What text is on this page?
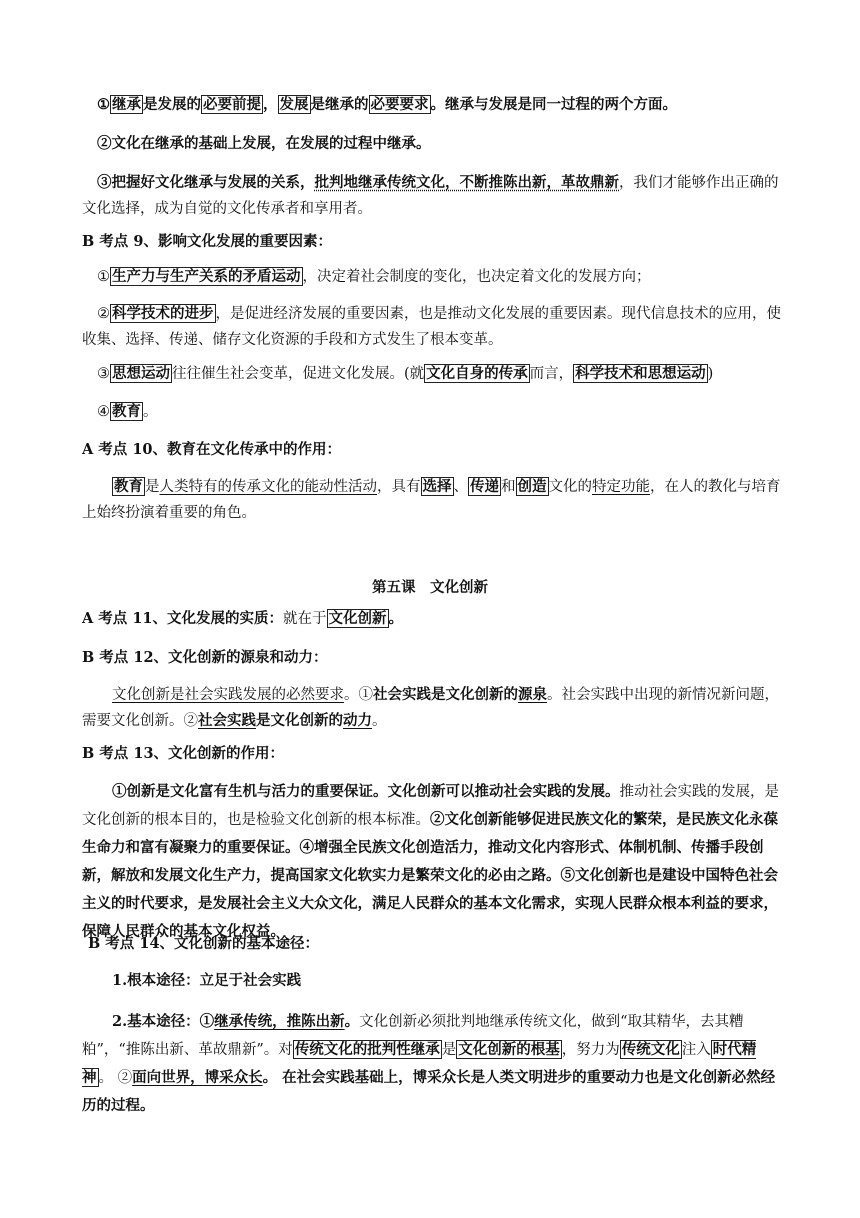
① 继承 是发展的 必要前提 ， 发展 是继承的 必要要求 。继承与发展是同一过程的两个方面。
②文化在继承的基础上发展，在发展的过程中继承。
③把握好文化继承与发展的关系，批判地继承传统文化，不断推陈出新，革故鼎新，我们才能够作出正确的文化选择，成为自觉的文化传承者和享用者。
B 考点 9、影响文化发展的重要因素：
① 生产力与生产关系的矛盾运动 ，决定着社会制度的变化，也决定着文化的发展方向；
② 科学技术的进步 ，是促进经济发展的重要因素，也是推动文化发展的重要因素。现代信息技术的应用，使收集、选择、传递、储存文化资源的手段和方式发生了根本变革。
③ 思想运动 往往催生社会变革，促进文化发展。(就 文化自身的传承 而言， 科学技术和思想运动 )
④ 教育 。
A 考点 10、教育在文化传承中的作用：
教育 是人类特有的传承文化的能动性活动，具有 选择 、 传递 和 创造 文化的特定功能，在人的教化与培育上始终扮演着重要的角色。
第五课　文化创新
A 考点 11、文化发展的实质：就在于 文化创新 。
B 考点 12、文化创新的源泉和动力：
文化创新是社会实践发展的必然要求。①社会实践是文化创新的源泉。社会实践中出现的新情况新问题，需要文化创新。②社会实践是文化创新的动力。
B 考点 13、文化创新的作用：
①创新是文化富有生机与活力的重要保证。文化创新可以推动社会实践的发展。推动社会实践的发展，是文化创新的根本目的，也是检验文化创新的根本标准。②文化创新能够促进民族文化的繁荣，是民族文化永葆生命力和富有凝聚力的重要保证。④增强全民族文化创造活力，推动文化内容形式、体制机制、传播手段创新，解放和发展文化生产力，提高国家文化软实力是繁荣文化的必由之路。⑤文化创新也是建设中国特色社会主义的时代要求，是发展社会主义大众文化，满足人民群众的基本文化需求，实现人民群众根本利益的要求，保障人民群众的基本文化权益。
B 考点 14、文化创新的基本途径：
1.根本途径：立足于社会实践
2.基本途径：①继承传统，推陈出新。文化创新必须批判地继承传统文化，做到“取其精华，去其糟粕”，“推陈出新、革故鼎新”。对 传统文化的批判性继承 是 文化创新的根基 ，努力为 传统文化 注入 时代精神 。 ②面向世界，博采众长。 在社会实践基础上，博采众长是人类文明进步的重要动力也是文化创新必然经历的过程。
